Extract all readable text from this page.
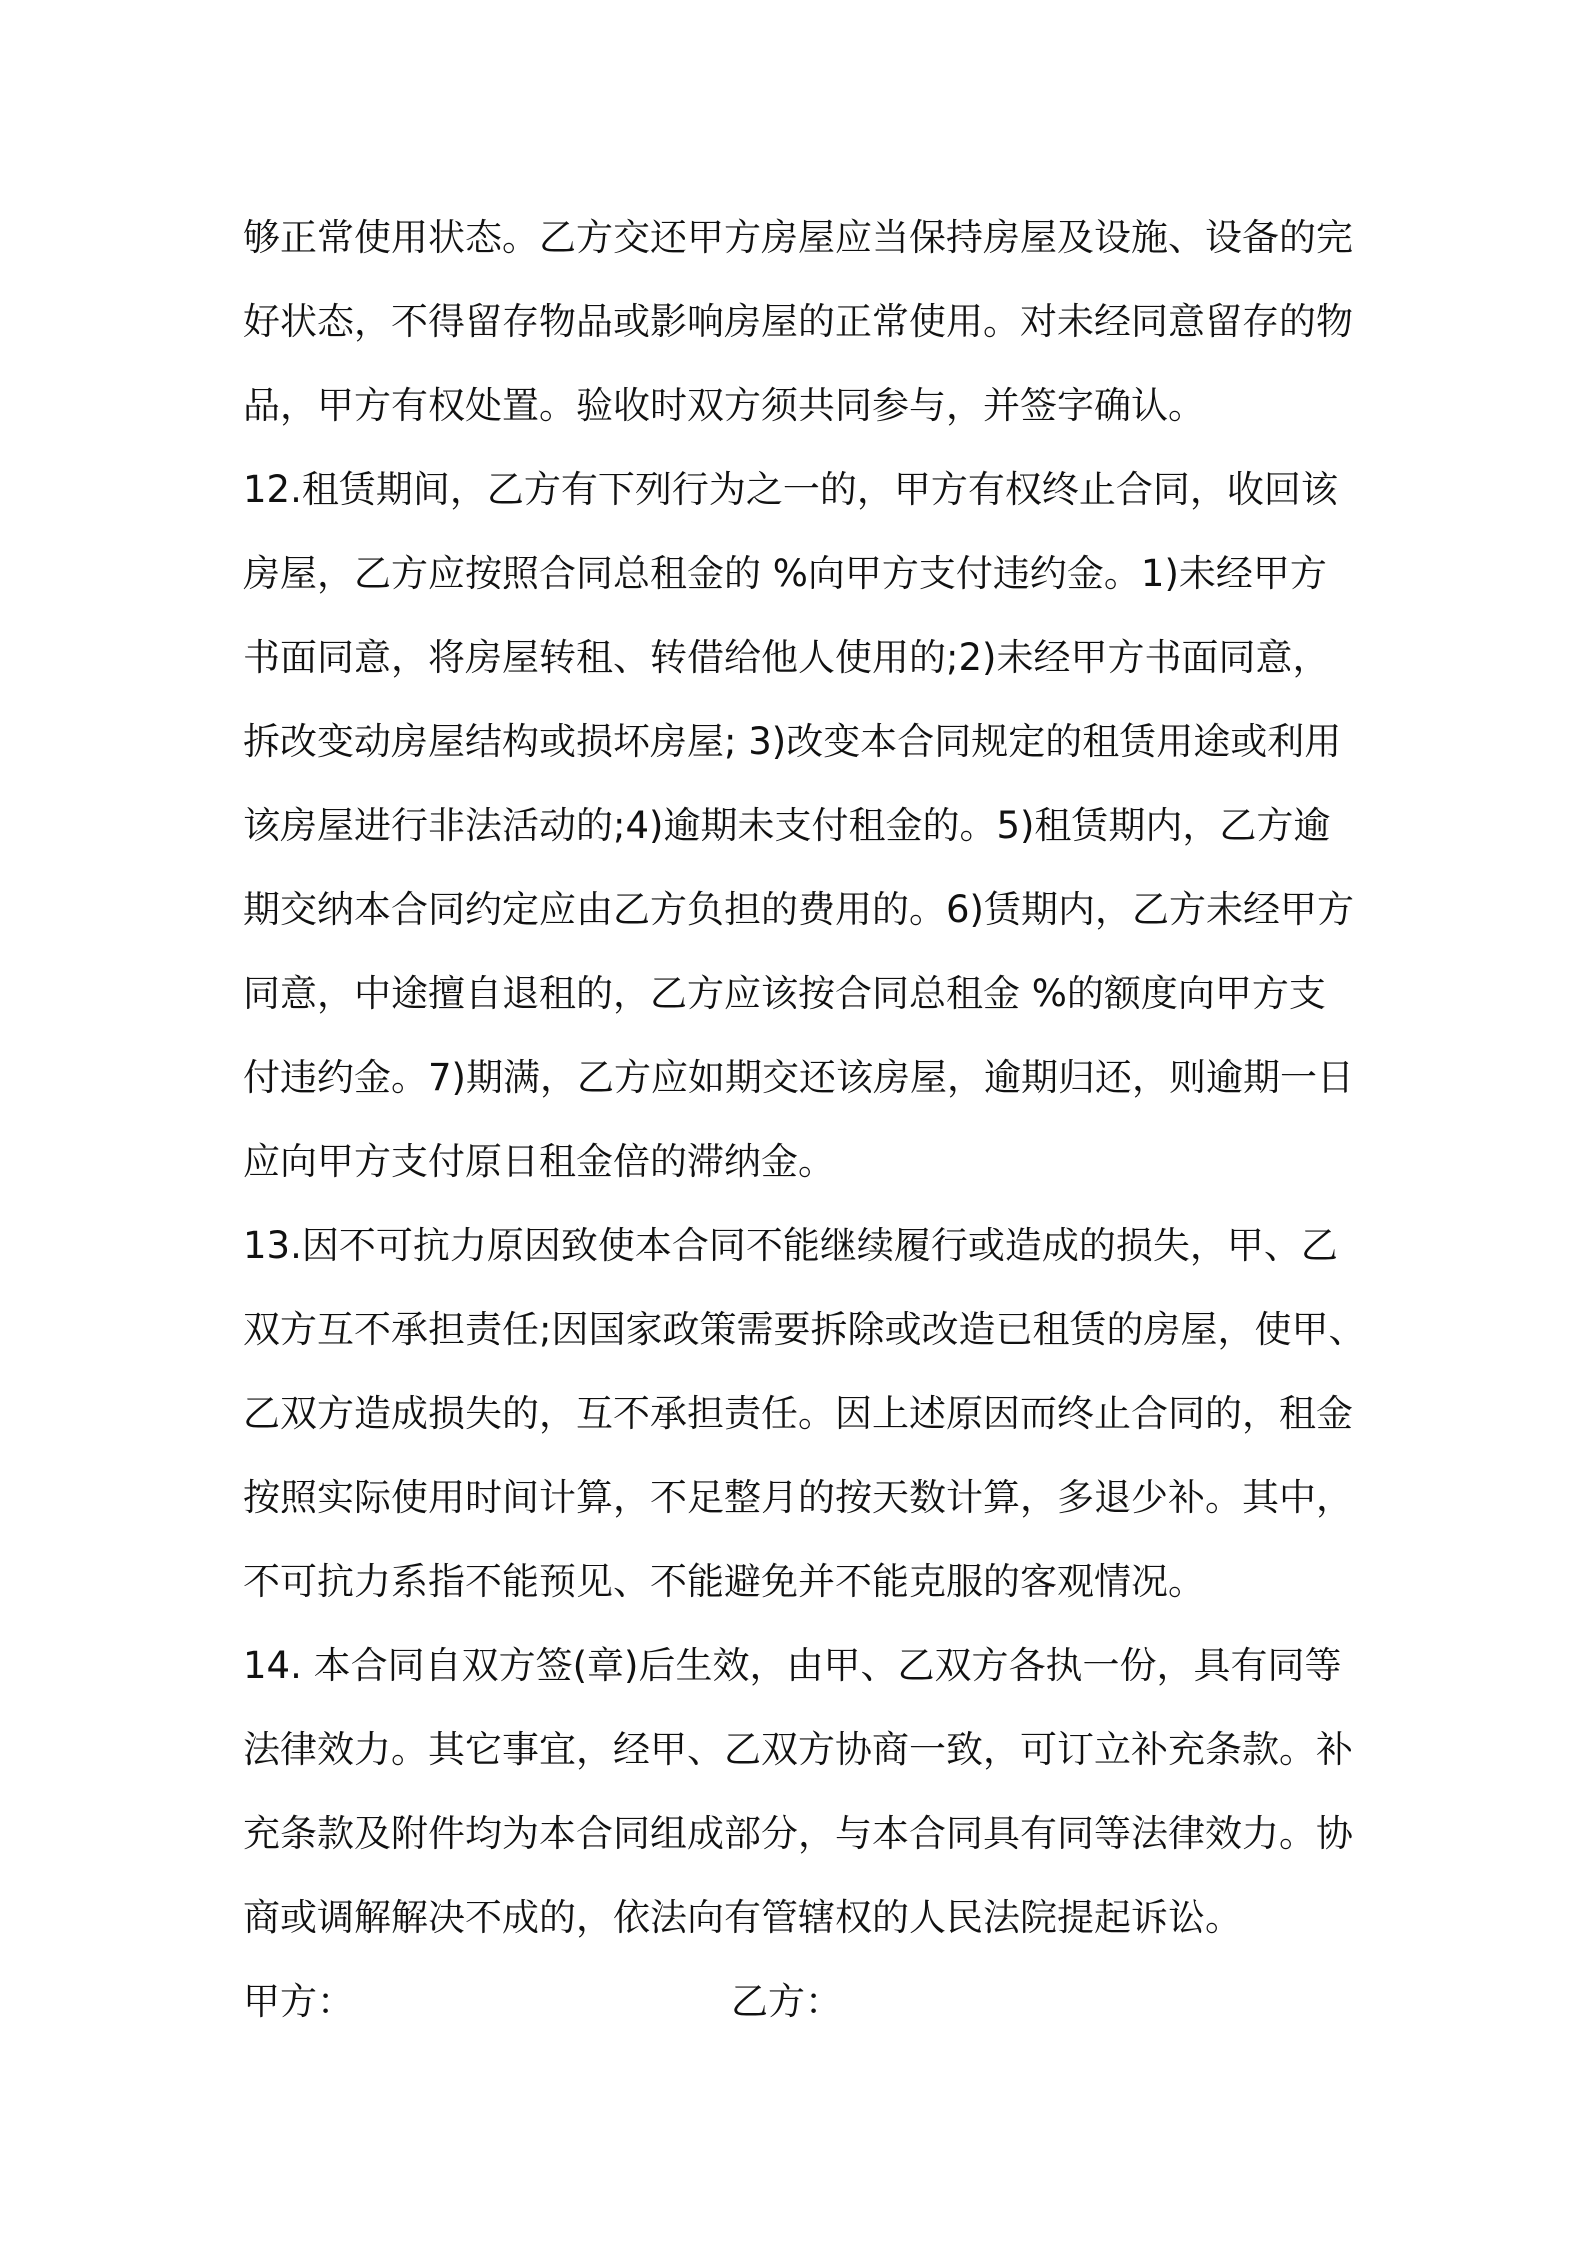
够正常使用状态。乙方交还甲方房屋应当保持房屋及设施、设备的完
好状态，不得留存物品或影响房屋的正常使用。对未经同意留存的物
品，甲方有权处置。验收时双方须共同参与，并签字确认。
12.租赁期间，乙方有下列行为之一的，甲方有权终止合同，收回该
房屋，乙方应按照合同总租金的 %向甲方支付违约金。1)未经甲方
书面同意，将房屋转租、转借给他人使用的;2)未经甲方书面同意，
拆改变动房屋结构或损坏房屋; 3)改变本合同规定的租赁用途或利用
该房屋进行非法活动的;4)逾期未支付租金的。5)租赁期内，乙方逾
期交纳本合同约定应由乙方负担的费用的。6)赁期内，乙方未经甲方
同意，中途擅自退租的，乙方应该按合同总租金 %的额度向甲方支
付违约金。7)期满，乙方应如期交还该房屋，逾期归还，则逾期一日
应向甲方支付原日租金倍的滞纳金。
13.因不可抗力原因致使本合同不能继续履行或造成的损失，甲、乙
双方互不承担责任;因国家政策需要拆除或改造已租赁的房屋，使甲、
乙双方造成损失的，互不承担责任。因上述原因而终止合同的，租金
按照实际使用时间计算，不足整月的按天数计算，多退少补。其中，
不可抗力系指不能预见、不能避免并不能克服的客观情况。
14. 本合同自双方签(章)后生效，由甲、乙双方各执一份，具有同等
法律效力。其它事宜，经甲、乙双方协商一致，可订立补充条款。补
充条款及附件均为本合同组成部分，与本合同具有同等法律效力。协
商或调解解决不成的，依法向有管辖权的人民法院提起诉讼。
甲方：	乙方：
